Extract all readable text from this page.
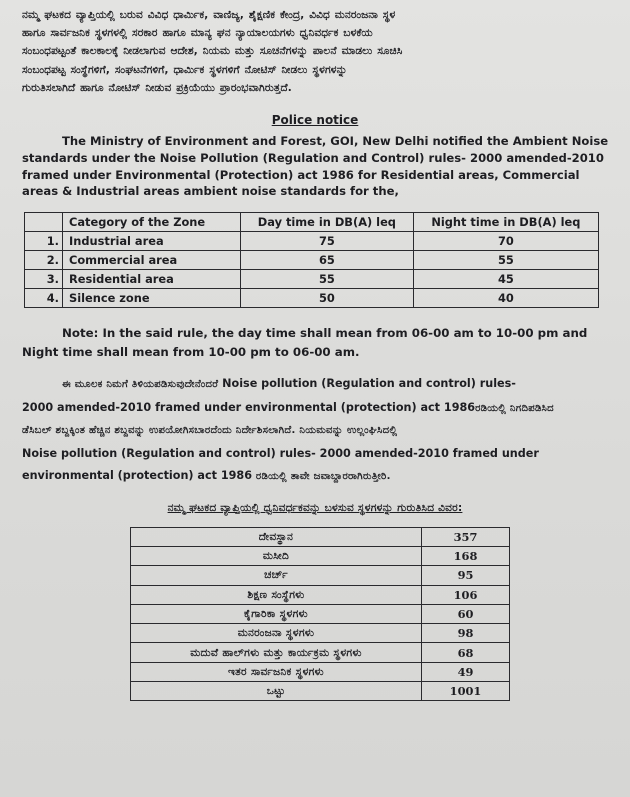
ನಮ್ಮ ಘಟಕದ ವ್ಯಾಪ್ತಿಯಲ್ಲಿ ಬರುವ ವಿವಿಧ ಧಾರ್ಮಿಕ, ವಾಣಿಜ್ಯ, ಶೈಕ್ಷಣಿಕ ಕೇಂದ್ರ, ವಿವಿಧ ಮನರಂಜನಾ ಸ್ಥಳ
ಹಾಗೂ ಸಾರ್ವಜನಿಕ ಸ್ಥಳಗಳಲ್ಲಿ ಸರಕಾರ ಹಾಗೂ ಮಾನ್ಯ ಘನ ನ್ಯಾಯಾಲಯಗಳು ಧ್ವನಿವರ್ಧಕ ಬಳಕೆಯ
ಸಂಬಂಧಪಟ್ಟಂತೆ ಕಾಲಕಾಲಕ್ಕೆ ನೀಡಲಾಗುವ ಆದೇಶ, ನಿಯಮ ಮತ್ತು ಸೂಚನೆಗಳನ್ನು ಪಾಲನೆ ಮಾಡಲು ಸೂಚಿಸಿ
ಸಂಬಂಧಪಟ್ಟ ಸಂಸ್ಥೆಗಳಿಗೆ, ಸಂಘಟನೆಗಳಿಗೆ, ಧಾರ್ಮಿಕ ಸ್ಥಳಗಳಿಗೆ ನೋಟಿಸ್ ನೀಡಲು ಸ್ಥಳಗಳನ್ನು
ಗುರುತಿಸಲಾಗಿದೆ ಹಾಗೂ ನೋಟಿಸ್ ನೀಡುವ ಪ್ರಕ್ರಿಯೆಯು ಪ್ರಾರಂಭವಾಗಿರುತ್ತದೆ.
Police notice
The Ministry of Environment and Forest, GOI, New Delhi notified the Ambient Noise
standards under the Noise Pollution (Regulation and Control) rules- 2000 amended-2010
framed under Environmental (Protection) act 1986 for Residential areas, Commercial
areas & Industrial areas ambient noise standards for the,
	Category of the Zone	Day time in DB(A) leq	Night time in DB(A) leq
1.	Industrial area	75	70
2.	Commercial area	65	55
3.	Residential area	55	45
4.	Silence zone	50	40
Note: In the said rule, the day time shall mean from 06-00 am to 10-00 pm and
Night time shall mean from 10-00 pm to 06-00 am.
ಈ ಮೂಲಕ ನಿಮಗೆ ತಿಳಿಯಪಡಿಸುವುದೇನೆಂದರೆ Noise pollution (Regulation and control) rules-
2000 amended-2010 framed under environmental (protection) act 1986ರಡಿಯಲ್ಲಿ ನಿಗದಿಪಡಿಸಿದ
ಡೆಸಿಬಲ್ ಶಬ್ದಕ್ಕಿಂತ ಹೆಚ್ಚಿನ ಶಬ್ದವನ್ನು ಉಪಯೋಗಿಸಬಾರದೆಂದು ನಿರ್ದೇಶಿಸಲಾಗಿದೆ. ನಿಯಮವನ್ನು ಉಲ್ಲಂಘಿಸಿದಲ್ಲಿ
Noise pollution (Regulation and control) rules- 2000 amended-2010 framed under
environmental (protection) act 1986 ರಡಿಯಲ್ಲಿ ತಾವೇ ಜವಾಬ್ದಾರರಾಗಿರುತ್ತೀರಿ.
ನಮ್ಮ ಘಟಕದ ವ್ಯಾಪ್ತಿಯಲ್ಲಿ ಧ್ವನಿವರ್ಧಕವನ್ನು ಬಳಸುವ ಸ್ಥಳಗಳನ್ನು ಗುರುತಿಸಿದ ವಿವರ:
ದೇವಸ್ಥಾನ	357
ಮಸೀದಿ	168
ಚರ್ಚ್	95
ಶಿಕ್ಷಣ ಸಂಸ್ಥೆಗಳು	106
ಕೈಗಾರಿಕಾ ಸ್ಥಳಗಳು	60
ಮನರಂಜನಾ ಸ್ಥಳಗಳು	98
ಮದುವೆ ಹಾಲ್‌ಗಳು ಮತ್ತು ಕಾರ್ಯಕ್ರಮ ಸ್ಥಳಗಳು	68
ಇತರ ಸಾರ್ವಜನಿಕ ಸ್ಥಳಗಳು	49
ಒಟ್ಟು	1001
